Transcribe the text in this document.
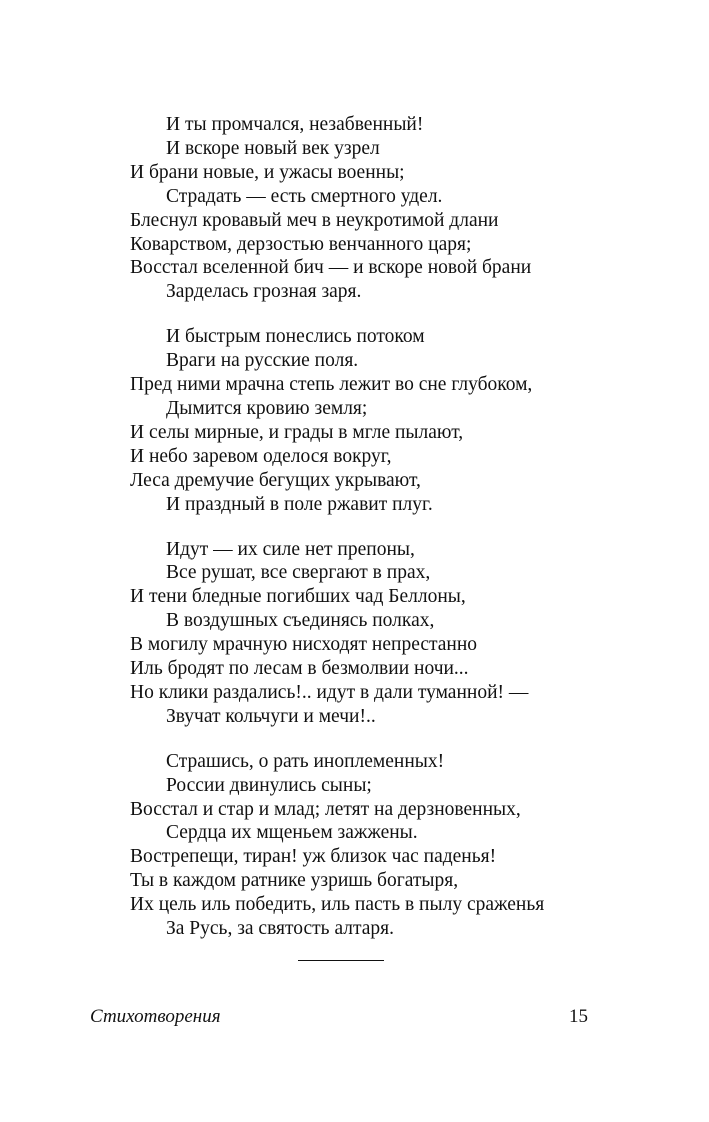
И ты промчался, незабвенный!
И вскоре новый век узрел
И брани новые, и ужасы военны;
Страдать — есть смертного удел.
Блеснул кровавый меч в неукротимой длани
Коварством, дерзостью венчанного царя;
Восстал вселенной бич — и вскоре новой брани
Зарделась грозная заря.
И быстрым понеслись потоком
Враги на русские поля.
Пред ними мрачна степь лежит во сне глубоком,
Дымится кровию земля;
И селы мирные, и грады в мгле пылают,
И небо заревом оделося вокруг,
Леса дремучие бегущих укрывают,
И праздный в поле ржавит плуг.
Идут — их силе нет препоны,
Все рушат, все свергают в прах,
И тени бледные погибших чад Беллоны,
В воздушных съединясь полках,
В могилу мрачную нисходят непрестанно
Иль бродят по лесам в безмолвии ночи...
Но клики раздались!.. идут в дали туманной! —
Звучат кольчуги и мечи!..
Страшись, о рать иноплеменных!
России двинулись сыны;
Восстал и стар и млад; летят на дерзновенных,
Сердца их мщеньем зажжены.
Вострепещи, тиран! уж близок час паденья!
Ты в каждом ратнике узришь богатыря,
Их цель иль победить, иль пасть в пылу сраженья
За Русь, за святость алтаря.
Стихотворения	15
